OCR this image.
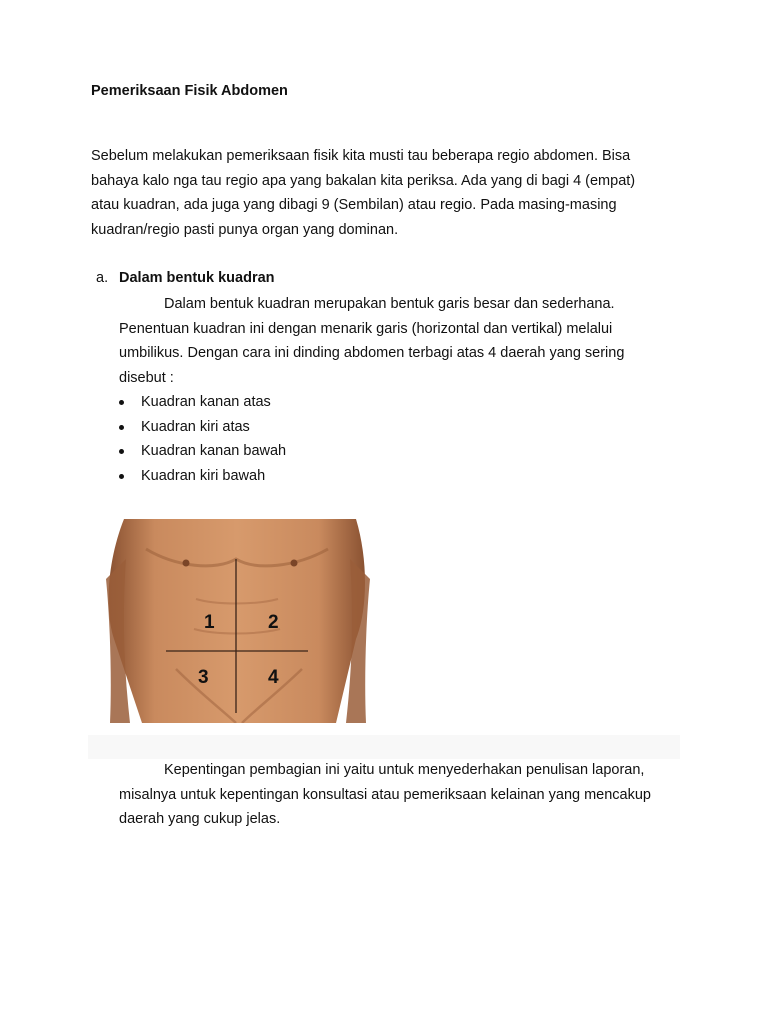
Pemeriksaan Fisik Abdomen

Sebelum melakukan pemeriksaan fisik kita musti tau beberapa regio abdomen. Bisa
bahaya kalo nga tau regio apa yang bakalan kita periksa. Ada yang di bagi 4 (empat)
atau kuadran, ada juga yang dibagi 9 (Sembilan) atau regio. Pada masing-masing
kuadran/regio pasti punya organ yang dominan.

a. Dalam bentuk kuadran

Dalam bentuk kuadran merupakan bentuk garis besar dan sederhana.
Penentuan kuadran ini dengan menarik garis (horizontal dan vertikal) melalui
umbilikus. Dengan cara ini dinding abdomen terbagi atas 4 daerah yang sering
disebut :

Kuadran kanan atas
Kuadran kiri atas
Kuadran kanan bawah
Kuadran kiri bawah
1	2
3	4

Kepentingan pembagian ini yaitu untuk menyederhakan penulisan laporan,
misalnya untuk kepentingan konsultasi atau pemeriksaan kelainan yang mencakup
daerah yang cukup jelas.
